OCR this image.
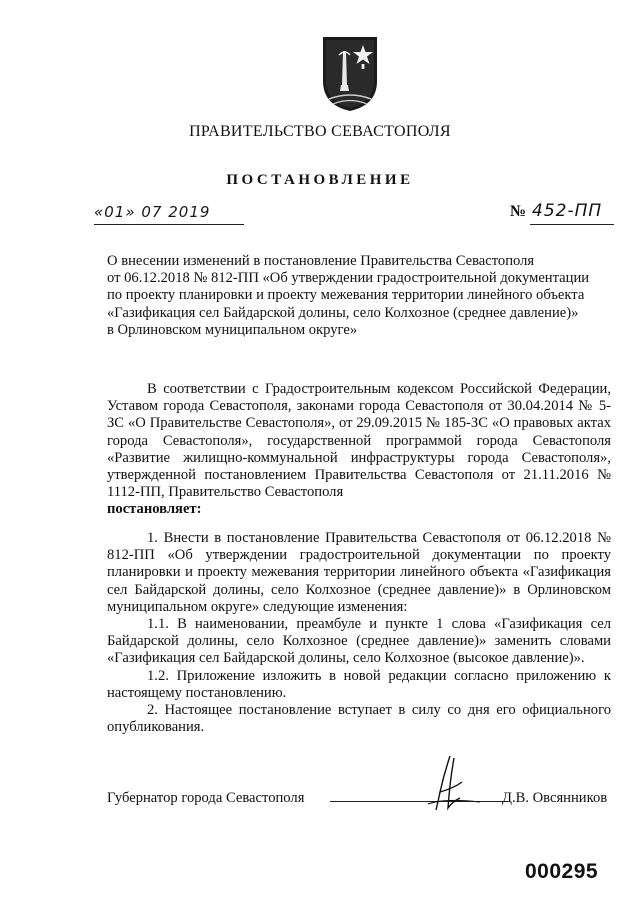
ПРАВИТЕЛЬСТВО СЕВАСТОПОЛЯ
ПОСТАНОВЛЕНИЕ
«01» 07 2019	№ 452-ПП
О внесении изменений в постановление Правительства Севастополя
от 06.12.2018 № 812-ПП «Об утверждении градостроительной документации
по проекту планировки и проекту межевания территории линейного объекта
«Газификация сел Байдарской долины, село Колхозное (среднее давление)»
в Орлиновском муниципальном округе»

В соответствии с Градостроительным кодексом Российской Федерации, Уставом города Севастополя, законами города Севастополя от 30.04.2014 № 5-ЗС «О Правительстве Севастополя», от 29.09.2015 № 185-ЗС «О правовых актах города Севастополя», государственной программой города Севастополя «Развитие жилищно-коммунальной инфраструктуры города Севастополя», утвержденной постановлением Правительства Севастополя от 21.11.2016 № 1112-ПП, Правительство Севастополя

постановляет:

1. Внести в постановление Правительства Севастополя от 06.12.2018 № 812-ПП «Об утверждении градостроительной документации по проекту планировки и проекту межевания территории линейного объекта «Газификация сел Байдарской долины, село Колхозное (среднее давление)» в Орлиновском муниципальном округе» следующие изменения:

1.1. В наименовании, преамбуле и пункте 1 слова «Газификация сел Байдарской долины, село Колхозное (среднее давление)» заменить словами «Газификация сел Байдарской долины, село Колхозное (высокое давление)».

1.2. Приложение изложить в новой редакции согласно приложению к настоящему постановлению.

2. Настоящее постановление вступает в силу со дня его официального опубликования.

Губернатор города Севастополя	Д.В. Овсянников
000295
